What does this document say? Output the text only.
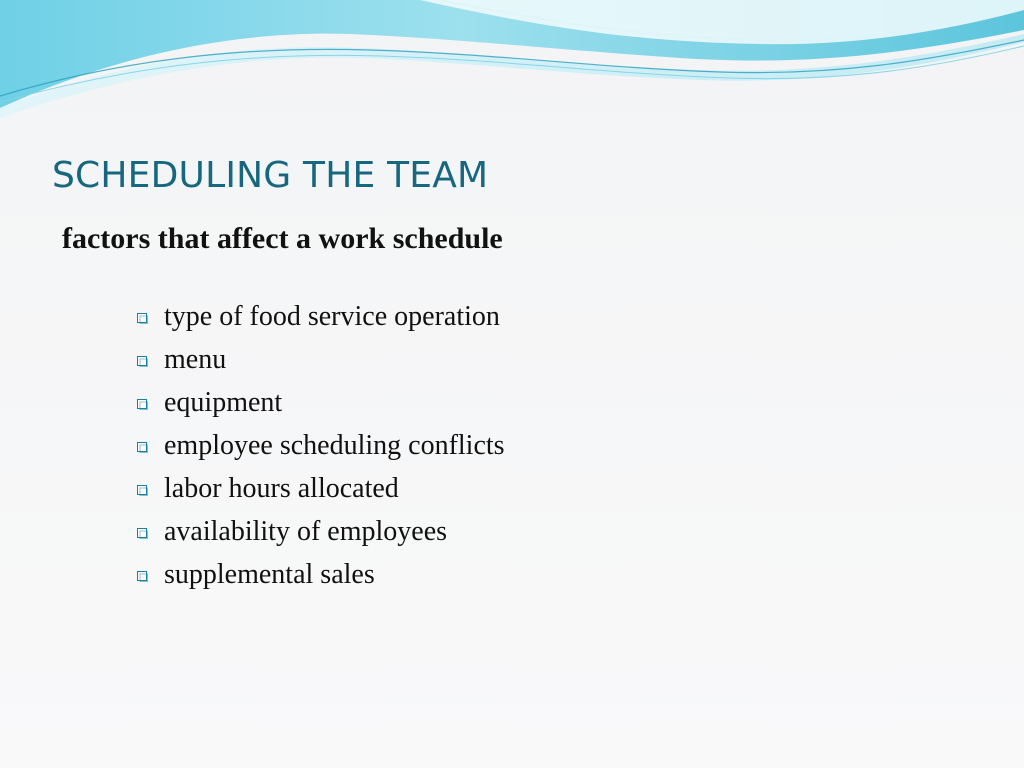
SCHEDULING THE TEAM
factors that affect a work schedule
type of food service operation
menu
equipment
employee scheduling conflicts
labor hours allocated
availability of employees
supplemental sales
